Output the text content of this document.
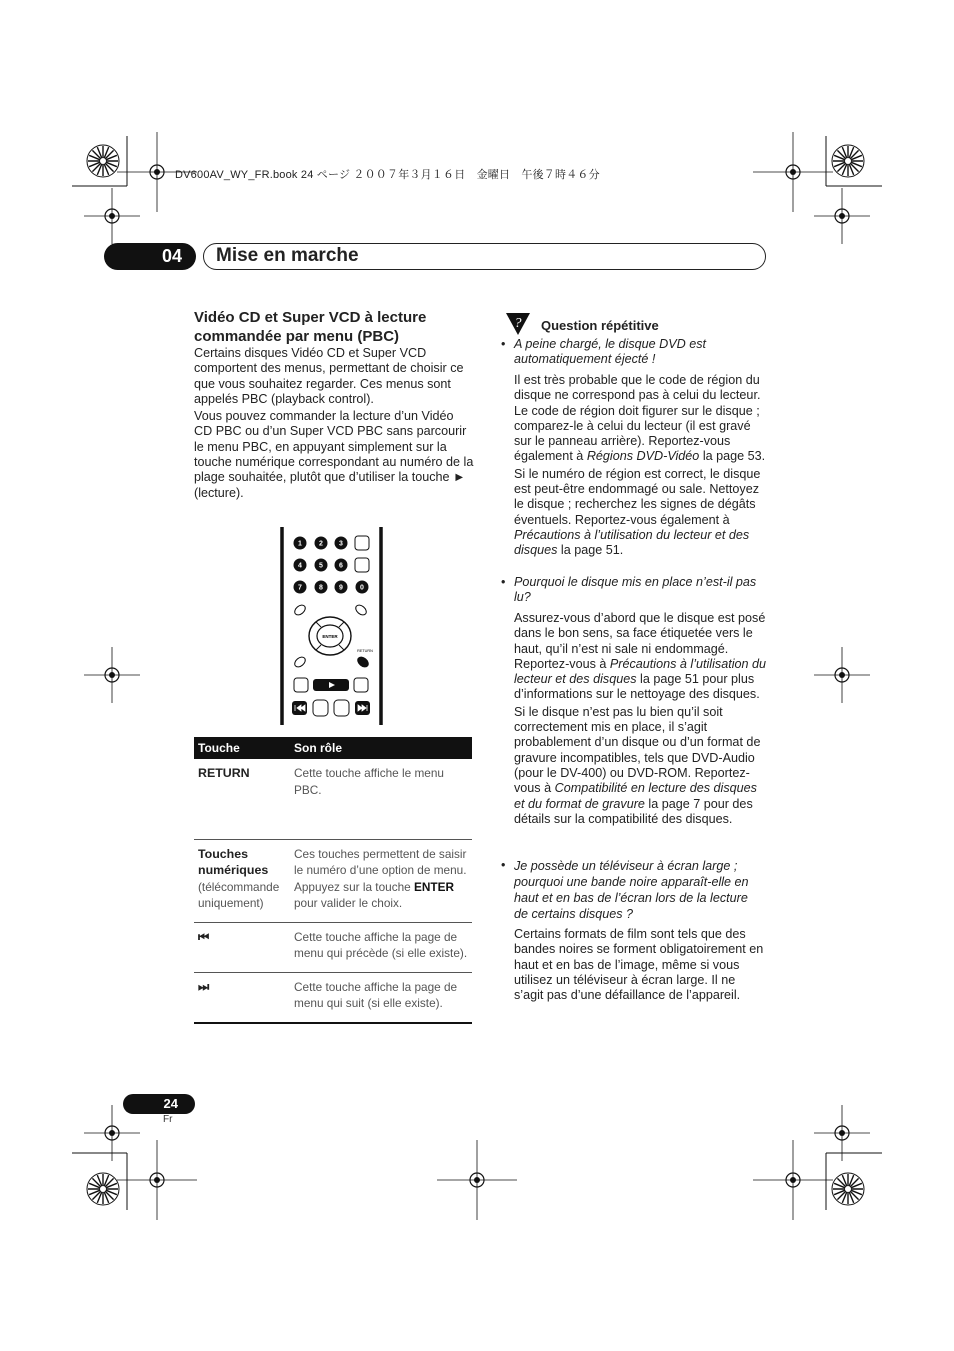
DV600AV_WY_FR.book 24 ページ ２００７年３月１６日　金曜日　午後７時４６分
04	Mise en marche
Vidéo CD et Super VCD à lecture commandée par menu (PBC)

Certains disques Vidéo CD et Super VCD comportent des menus, permettant de choisir ce que vous souhaitez regarder. Ces menus sont appelés PBC (playback control).

Vous pouvez commander la lecture d’un Vidéo CD PBC ou d’un Super VCD PBC sans parcourir le menu PBC, en appuyant simplement sur la touche numérique correspondant au numéro de la plage souhaitée, plutôt que d’utiliser la touche ► (lecture).

1 2 3
4 5 6
7 8 9 0
ENTER
RETURN
Touche	Son rôle
RETURN	Cette touche affiche le menu PBC.
Touches numériques
(télécommande uniquement)	Ces touches permettent de saisir le numéro d’une option de menu. Appuyez sur la touche ENTER pour valider le choix.
⏮	Cette touche affiche la page de menu qui précède (si elle existe).
⏭	Cette touche affiche la page de menu qui suit (si elle existe).
? Question répétitive
• A peine chargé, le disque DVD est automatiquement éjecté !

Il est très probable que le code de région du disque ne correspond pas à celui du lecteur. Le code de région doit figurer sur le disque ; comparez-le à celui du lecteur (il est gravé sur le panneau arrière). Reportez-vous également à Régions DVD-Vidéo la page 53.

Si le numéro de région est correct, le disque est peut-être endommagé ou sale. Nettoyez le disque ; recherchez les signes de dégâts éventuels. Reportez-vous également à Précautions à l’utilisation du lecteur et des disques la page 51.

• Pourquoi le disque mis en place n’est-il pas lu?

Assurez-vous d’abord que le disque est posé dans le bon sens, sa face étiquetée vers le haut, qu’il n’est ni sale ni endommagé. Reportez-vous à Précautions à l’utilisation du lecteur et des disques la page 51 pour plus d’informations sur le nettoyage des disques.

Si le disque n’est pas lu bien qu’il soit correctement mis en place, il s’agit probablement d’un disque ou d’un format de gravure incompatibles, tels que DVD-Audio (pour le DV-400) ou DVD-ROM. Reportez-vous à Compatibilité en lecture des disques et du format de gravure la page 7 pour des détails sur la compatibilité des disques.

• Je possède un téléviseur à écran large ; pourquoi une bande noire apparaît-elle en haut et en bas de l’écran lors de la lecture de certains disques ?

Certains formats de film sont tels que des bandes noires se forment obligatoirement en haut et en bas de l’image, même si vous utilisez un téléviseur à écran large. Il ne s’agit pas d’une défaillance de l’appareil.

24
Fr
